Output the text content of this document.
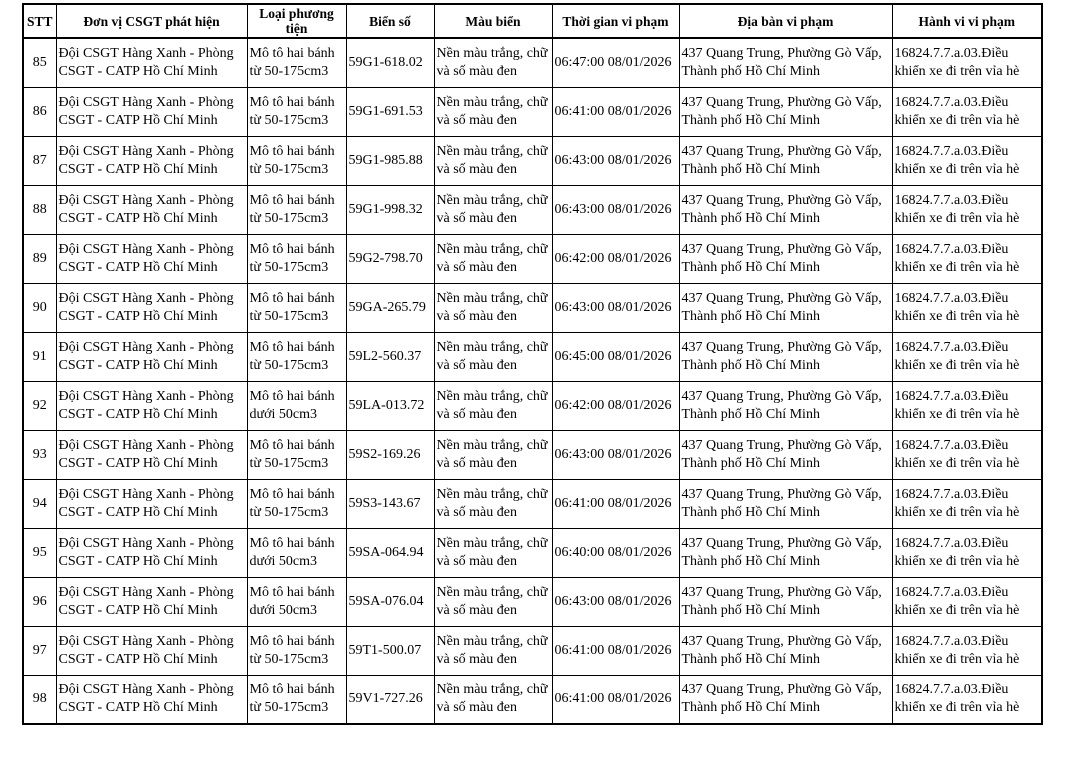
STT	Đơn vị CSGT phát hiện	Loại phương tiện	Biển số	Màu biển	Thời gian vi phạm	Địa bàn vi phạm	Hành vi vi phạm
85	Đội CSGT Hàng Xanh - Phòng CSGT - CATP Hồ Chí Minh	Mô tô hai bánh từ 50-175cm3	59G1-618.02	Nền màu trắng, chữ và số màu đen	06:47:00 08/01/2026	437 Quang Trung, Phường Gò Vấp, Thành phố Hồ Chí Minh	16824.7.7.a.03.Điều khiển xe đi trên vỉa hè
86	Đội CSGT Hàng Xanh - Phòng CSGT - CATP Hồ Chí Minh	Mô tô hai bánh từ 50-175cm3	59G1-691.53	Nền màu trắng, chữ và số màu đen	06:41:00 08/01/2026	437 Quang Trung, Phường Gò Vấp, Thành phố Hồ Chí Minh	16824.7.7.a.03.Điều khiển xe đi trên vỉa hè
87	Đội CSGT Hàng Xanh - Phòng CSGT - CATP Hồ Chí Minh	Mô tô hai bánh từ 50-175cm3	59G1-985.88	Nền màu trắng, chữ và số màu đen	06:43:00 08/01/2026	437 Quang Trung, Phường Gò Vấp, Thành phố Hồ Chí Minh	16824.7.7.a.03.Điều khiển xe đi trên vỉa hè
88	Đội CSGT Hàng Xanh - Phòng CSGT - CATP Hồ Chí Minh	Mô tô hai bánh từ 50-175cm3	59G1-998.32	Nền màu trắng, chữ và số màu đen	06:43:00 08/01/2026	437 Quang Trung, Phường Gò Vấp, Thành phố Hồ Chí Minh	16824.7.7.a.03.Điều khiển xe đi trên vỉa hè
89	Đội CSGT Hàng Xanh - Phòng CSGT - CATP Hồ Chí Minh	Mô tô hai bánh từ 50-175cm3	59G2-798.70	Nền màu trắng, chữ và số màu đen	06:42:00 08/01/2026	437 Quang Trung, Phường Gò Vấp, Thành phố Hồ Chí Minh	16824.7.7.a.03.Điều khiển xe đi trên vỉa hè
90	Đội CSGT Hàng Xanh - Phòng CSGT - CATP Hồ Chí Minh	Mô tô hai bánh từ 50-175cm3	59GA-265.79	Nền màu trắng, chữ và số màu đen	06:43:00 08/01/2026	437 Quang Trung, Phường Gò Vấp, Thành phố Hồ Chí Minh	16824.7.7.a.03.Điều khiển xe đi trên vỉa hè
91	Đội CSGT Hàng Xanh - Phòng CSGT - CATP Hồ Chí Minh	Mô tô hai bánh từ 50-175cm3	59L2-560.37	Nền màu trắng, chữ và số màu đen	06:45:00 08/01/2026	437 Quang Trung, Phường Gò Vấp, Thành phố Hồ Chí Minh	16824.7.7.a.03.Điều khiển xe đi trên vỉa hè
92	Đội CSGT Hàng Xanh - Phòng CSGT - CATP Hồ Chí Minh	Mô tô hai bánh dưới 50cm3	59LA-013.72	Nền màu trắng, chữ và số màu đen	06:42:00 08/01/2026	437 Quang Trung, Phường Gò Vấp, Thành phố Hồ Chí Minh	16824.7.7.a.03.Điều khiển xe đi trên vỉa hè
93	Đội CSGT Hàng Xanh - Phòng CSGT - CATP Hồ Chí Minh	Mô tô hai bánh từ 50-175cm3	59S2-169.26	Nền màu trắng, chữ và số màu đen	06:43:00 08/01/2026	437 Quang Trung, Phường Gò Vấp, Thành phố Hồ Chí Minh	16824.7.7.a.03.Điều khiển xe đi trên vỉa hè
94	Đội CSGT Hàng Xanh - Phòng CSGT - CATP Hồ Chí Minh	Mô tô hai bánh từ 50-175cm3	59S3-143.67	Nền màu trắng, chữ và số màu đen	06:41:00 08/01/2026	437 Quang Trung, Phường Gò Vấp, Thành phố Hồ Chí Minh	16824.7.7.a.03.Điều khiển xe đi trên vỉa hè
95	Đội CSGT Hàng Xanh - Phòng CSGT - CATP Hồ Chí Minh	Mô tô hai bánh dưới 50cm3	59SA-064.94	Nền màu trắng, chữ và số màu đen	06:40:00 08/01/2026	437 Quang Trung, Phường Gò Vấp, Thành phố Hồ Chí Minh	16824.7.7.a.03.Điều khiển xe đi trên vỉa hè
96	Đội CSGT Hàng Xanh - Phòng CSGT - CATP Hồ Chí Minh	Mô tô hai bánh dưới 50cm3	59SA-076.04	Nền màu trắng, chữ và số màu đen	06:43:00 08/01/2026	437 Quang Trung, Phường Gò Vấp, Thành phố Hồ Chí Minh	16824.7.7.a.03.Điều khiển xe đi trên vỉa hè
97	Đội CSGT Hàng Xanh - Phòng CSGT - CATP Hồ Chí Minh	Mô tô hai bánh từ 50-175cm3	59T1-500.07	Nền màu trắng, chữ và số màu đen	06:41:00 08/01/2026	437 Quang Trung, Phường Gò Vấp, Thành phố Hồ Chí Minh	16824.7.7.a.03.Điều khiển xe đi trên vỉa hè
98	Đội CSGT Hàng Xanh - Phòng CSGT - CATP Hồ Chí Minh	Mô tô hai bánh từ 50-175cm3	59V1-727.26	Nền màu trắng, chữ và số màu đen	06:41:00 08/01/2026	437 Quang Trung, Phường Gò Vấp, Thành phố Hồ Chí Minh	16824.7.7.a.03.Điều khiển xe đi trên vỉa hè
